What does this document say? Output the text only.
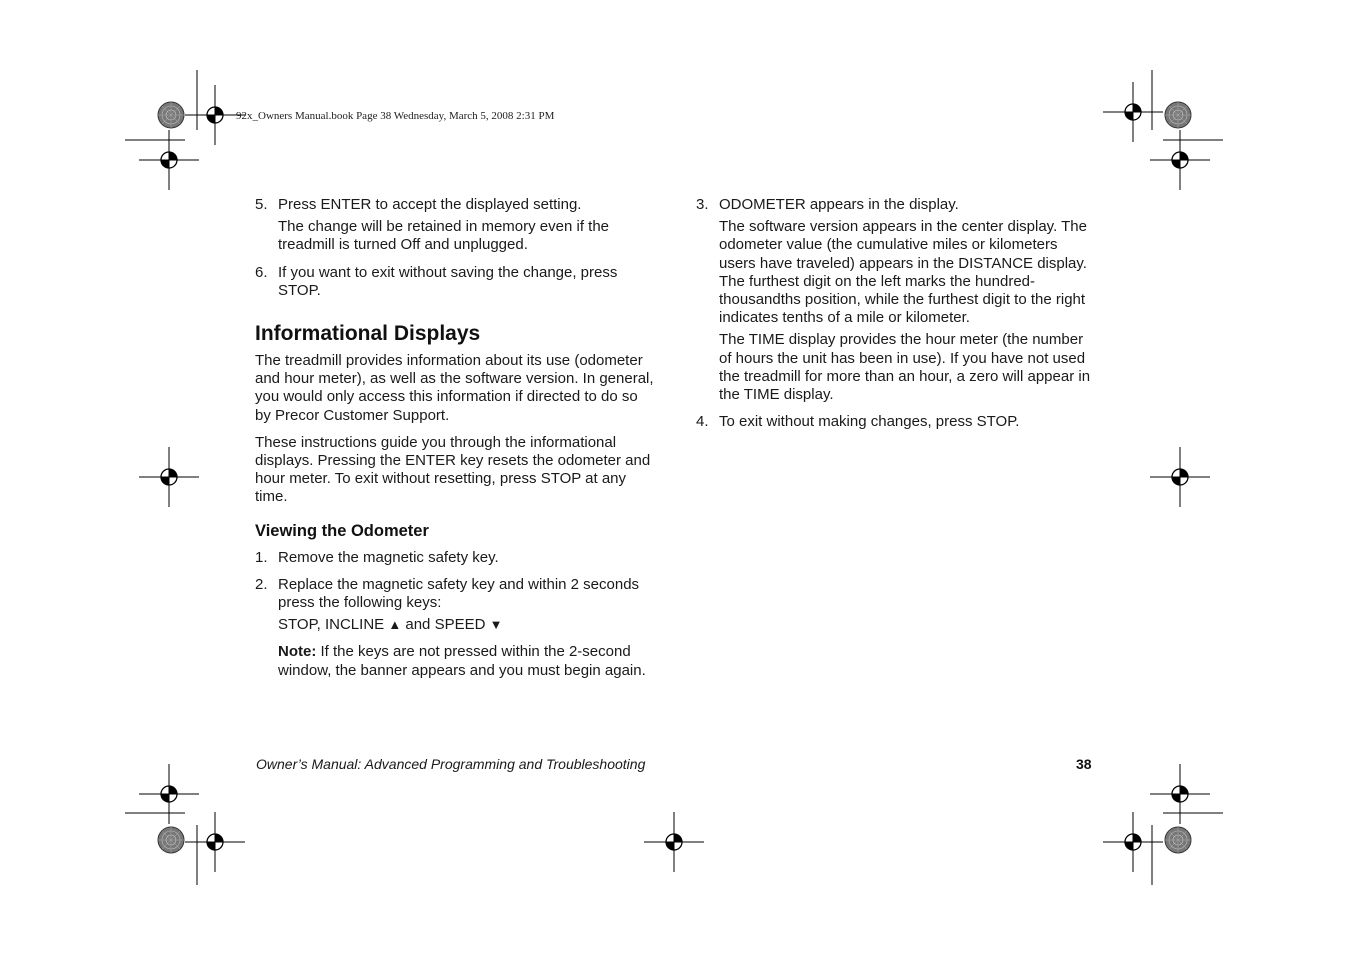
92x_Owners Manual.book Page 38 Wednesday, March 5, 2008 2:31 PM
5. Press ENTER to accept the displayed setting.

The change will be retained in memory even if the treadmill is turned Off and unplugged.

6. If you want to exit without saving the change, press STOP.

Informational Displays

The treadmill provides information about its use (odometer and hour meter), as well as the software version. In general, you would only access this information if directed to do so by Precor Customer Support.

These instructions guide you through the informational displays. Pressing the ENTER key resets the odometer and hour meter. To exit without resetting, press STOP at any time.

Viewing the Odometer
1. Remove the magnetic safety key.

2. Replace the magnetic safety key and within 2 seconds press the following keys:

STOP, INCLINE ▲ and SPEED ▼

Note: If the keys are not pressed within the 2-second window, the banner appears and you must begin again.

3. ODOMETER appears in the display.

The software version appears in the center display. The odometer value (the cumulative miles or kilometers users have traveled) appears in the DISTANCE display. The furthest digit on the left marks the hundred-thousandths position, while the furthest digit to the right indicates tenths of a mile or kilometer.

The TIME display provides the hour meter (the number of hours the unit has been in use). If you have not used the treadmill for more than an hour, a zero will appear in the TIME display.

4. To exit without making changes, press STOP.

Owner’s Manual: Advanced Programming and Troubleshooting	38
